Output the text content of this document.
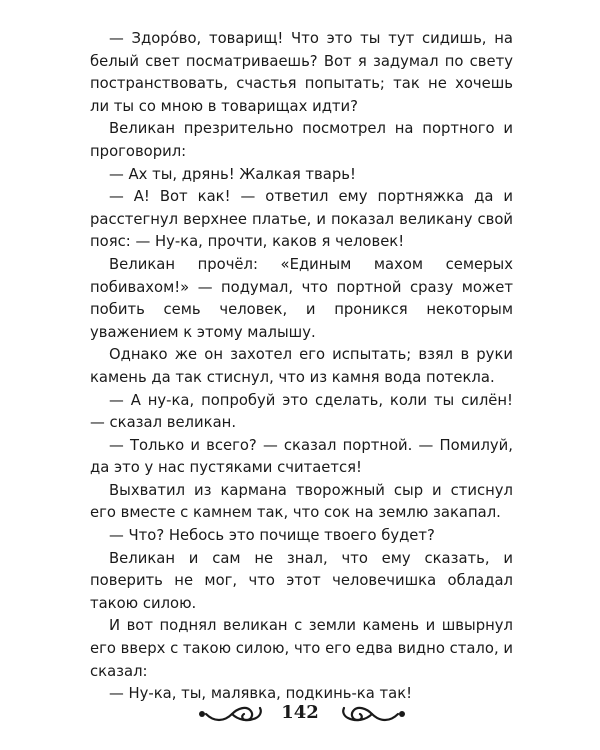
— Здоро́во, товарищ! Что это ты тут сидишь, на белый свет посматриваешь? Вот я задумал по свету постранствовать, счастья попытать; так не хочешь ли ты со мною в товарищах идти?

Великан презрительно посмотрел на портного и проговорил:

— Ах ты, дрянь! Жалкая тварь!

— А! Вот как! — ответил ему портняжка да и расстегнул верхнее платье, и показал великану свой пояс: — Ну-ка, прочти, каков я человек!

Великан прочёл: «Единым махом семерых побивахом!» — подумал, что портной сразу может побить семь человек, и проникся некоторым уважением к этому малышу.

Однако же он захотел его испытать; взял в руки камень да так стиснул, что из камня вода потекла.

— А ну-ка, попробуй это сделать, коли ты силён! — сказал великан.

— Только и всего? — сказал портной. — Помилуй, да это у нас пустяками считается!

Выхватил из кармана творожный сыр и стиснул его вместе с камнем так, что сок на землю закапал.

— Что? Небось это почище твоего будет?

Великан и сам не знал, что ему сказать, и поверить не мог, что этот человечишка обладал такою силою.

И вот поднял великан с земли камень и швырнул его вверх с такою силою, что его едва видно стало, и сказал:

— Ну-ка, ты, малявка, подкинь-ка так!

142
